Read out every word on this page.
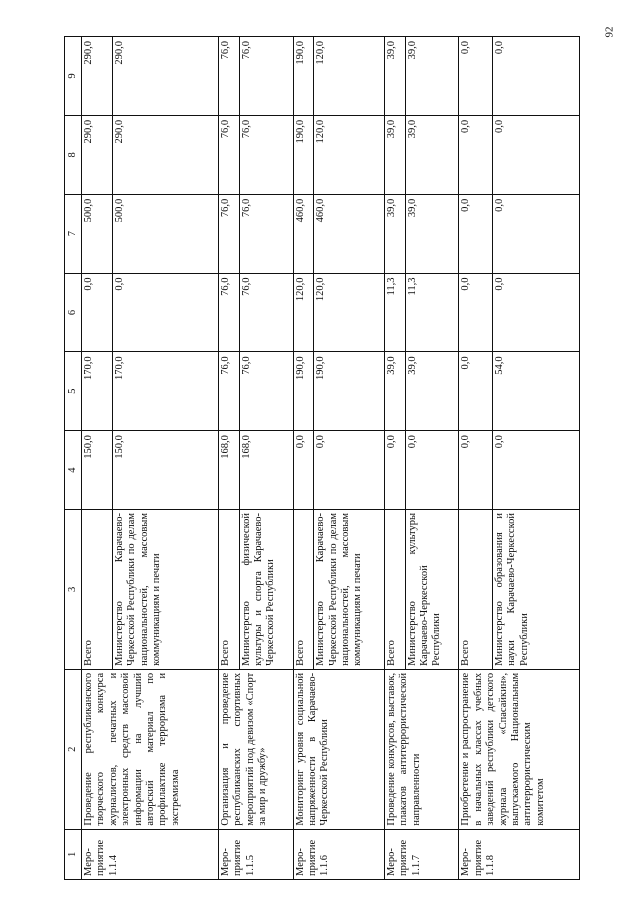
92
1	2	3	4	5	6	7	8	9
Меро-
приятие
1.1.4	Проведение республиканского творческого конкурса журналистов, печатных и электронных средств массовой информации на лучший авторский материал по профилактике терроризма и экстремизма	Всего	150,0	170,0	0,0	500,0	290,0	290,0
		Министерство Карачаево-Черкесской Республики по делам национальностей, массовым коммуникациям и печати	150,0	170,0	0,0	500,0	290,0	290,0
Меро-
приятие
1.1.5	Организация и проведение республиканских спортивных мероприятий под девизом «Спорт за мир и дружбу»	Всего	168,0	76,0	76,0	76,0	76,0	76,0
		Министерство физической культуры и спорта Карачаево-Черкесской Республики	168,0	76,0	76,0	76,0	76,0	76,0
Меро-
приятие
1.1.6	Мониторинг уровня социальной напряженности в Карачаево-Черкесской Республики	Всего	0,0	190,0	120,0	460,0	190,0	190,0
		Министерство Карачаево-Черкесской Республики по делам национальностей, массовым коммуникациям и печати	0,0	190,0	120,0	460,0	120,0	120,0
Меро-
приятие
1.1.7	Проведение конкурсов, выставок, плакатов антитеррористической направленности	Всего	0,0	39,0	11,3	39,0	39,0	39,0
		Министерство культуры Карачаево-Черкесской Республики	0,0	39,0	11,3	39,0	39,0	39,0
Меро-
приятие
1.1.8	Приобретение и распространение в начальных классах учебных заведений республики детского журнала «Спасайкин», выпускаемого Национальным антитеррористическим комитетом	Всего	0,0	0,0	0,0	0,0	0,0	0,0
		Министерство образования и науки Карачаево-Черкесской Республики	0,0	54,0	0,0	0,0	0,0	0,0
